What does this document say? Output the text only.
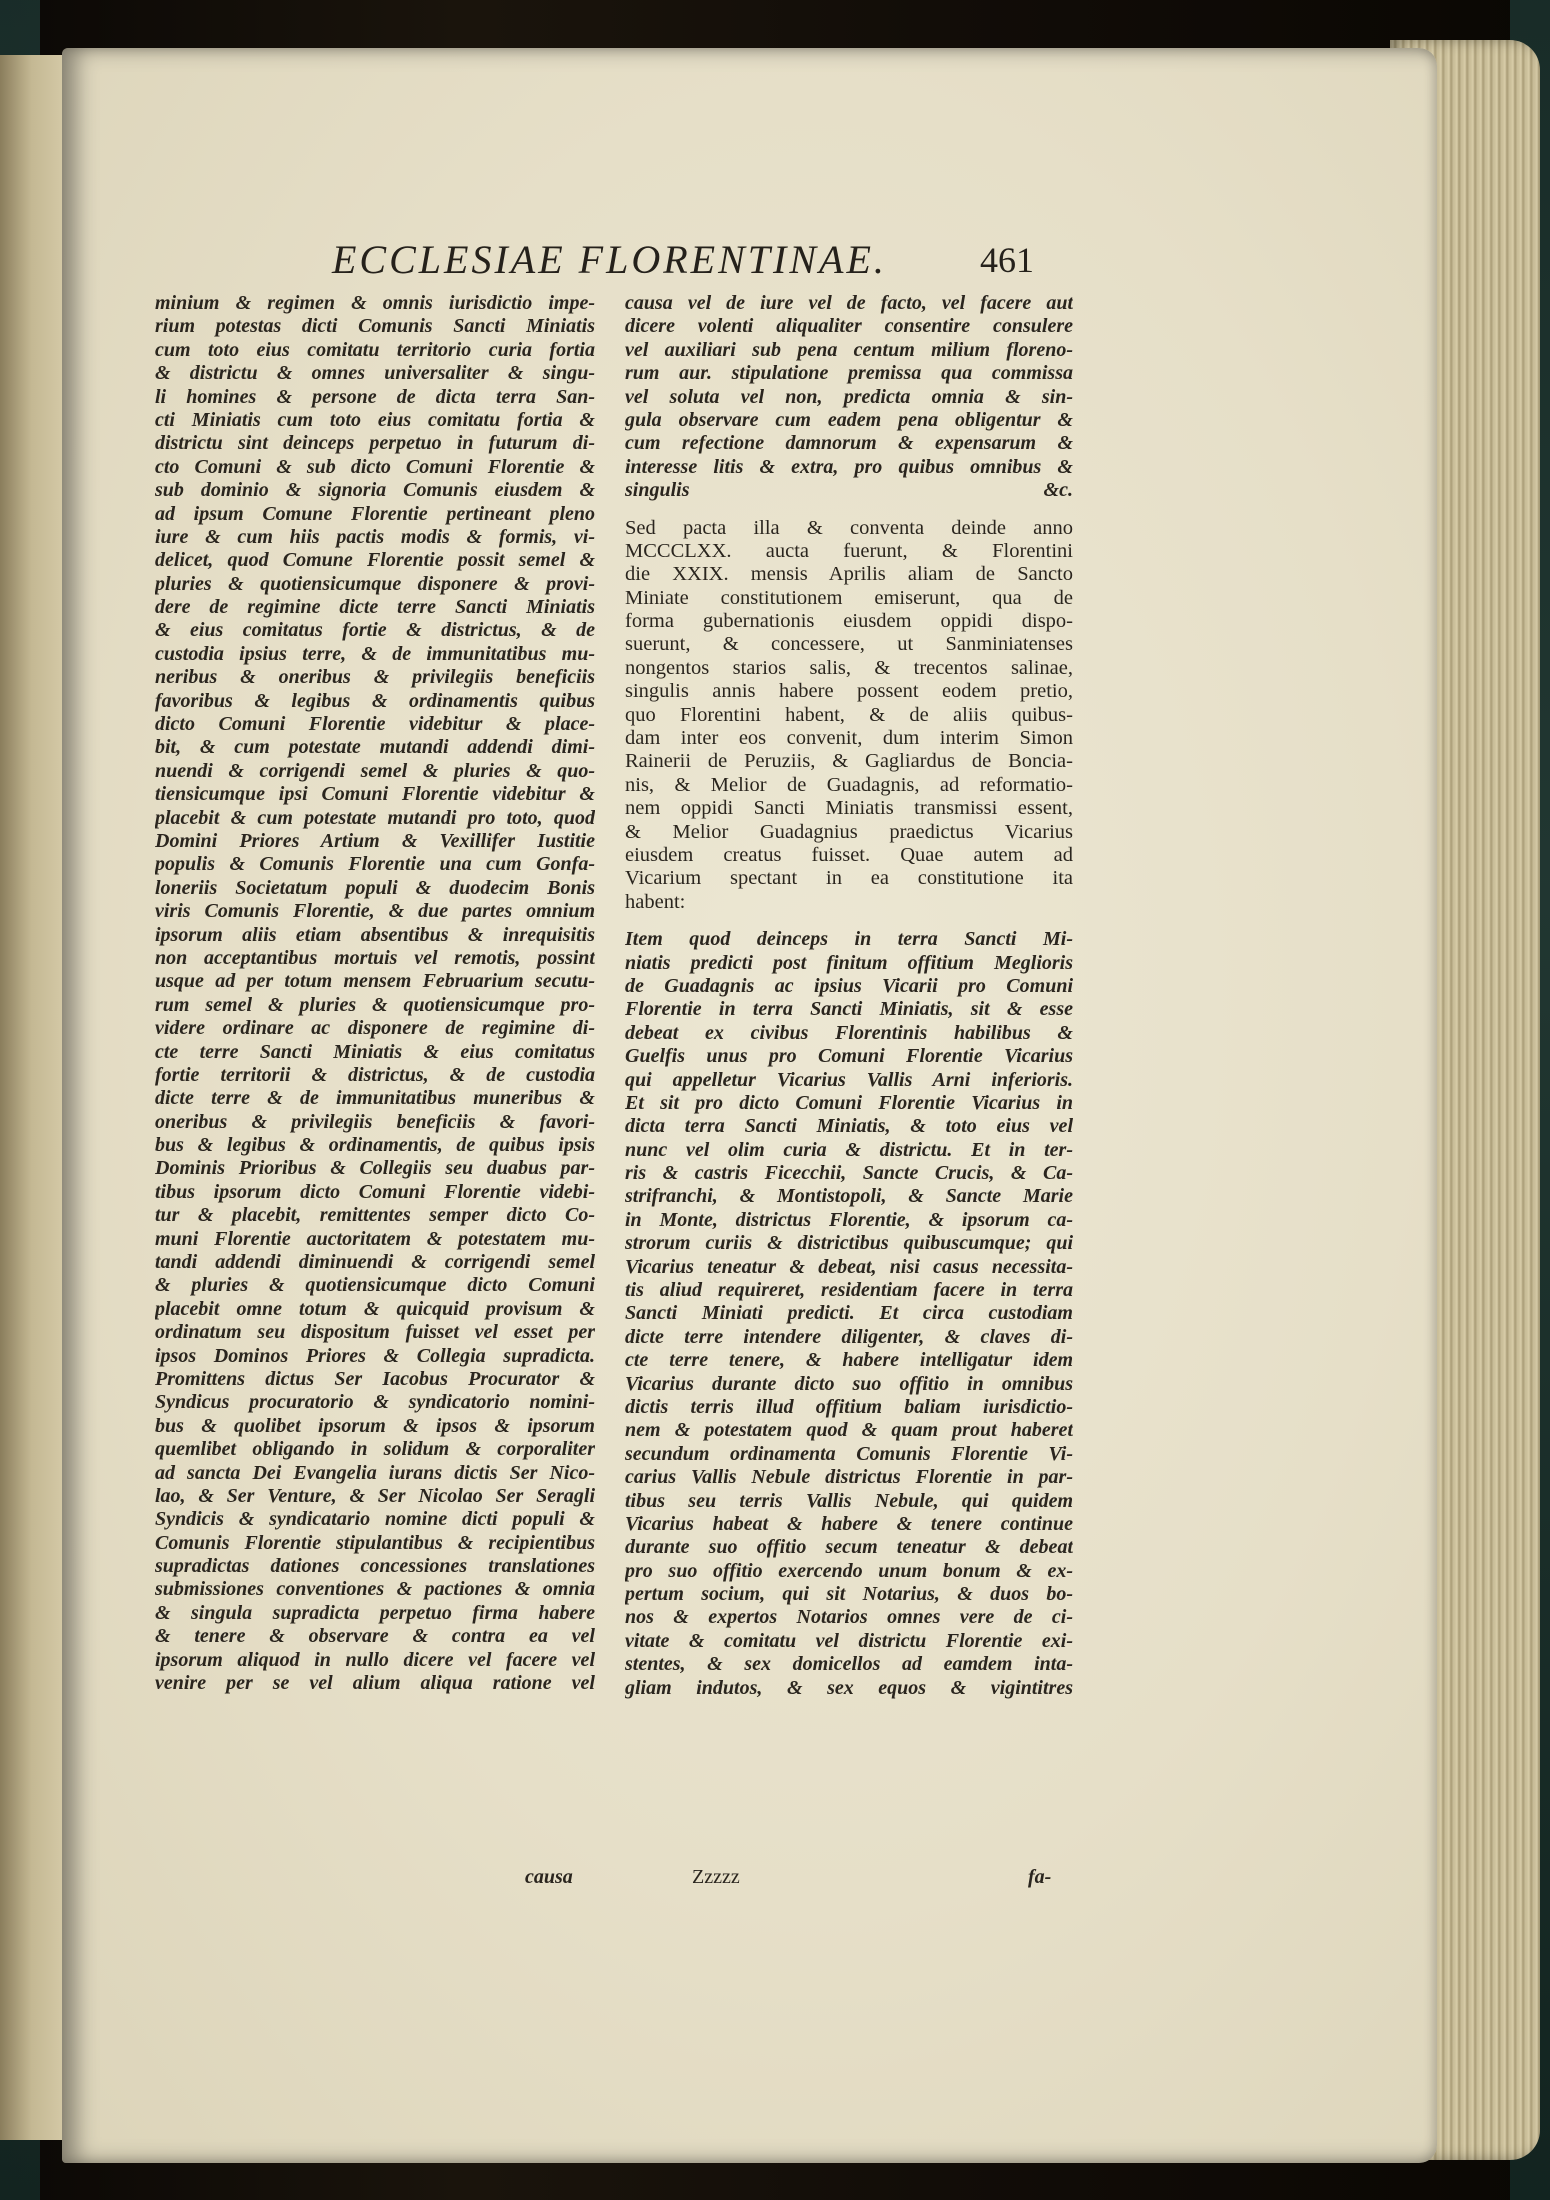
ECCLESIAE FLORENTINAE.	461
minium & regimen & omnis iurisdictio impe-
rium potestas dicti Comunis Sancti Miniatis
cum toto eius comitatu territorio curia fortia
& districtu & omnes universaliter & singu-
li homines & persone de dicta terra San-
cti Miniatis cum toto eius comitatu fortia &
districtu sint deinceps perpetuo in futurum di-
cto Comuni & sub dicto Comuni Florentie &
sub dominio & signoria Comunis eiusdem &
ad ipsum Comune Florentie pertineant pleno
iure & cum hiis pactis modis & formis, vi-
delicet, quod Comune Florentie possit semel &
pluries & quotiensicumque disponere & provi-
dere de regimine dicte terre Sancti Miniatis
& eius comitatus fortie & districtus, & de
custodia ipsius terre, & de immunitatibus mu-
neribus & oneribus & privilegiis beneficiis
favoribus & legibus & ordinamentis quibus
dicto Comuni Florentie videbitur & place-
bit, & cum potestate mutandi addendi dimi-
nuendi & corrigendi semel & pluries & quo-
tiensicumque ipsi Comuni Florentie videbitur &
placebit & cum potestate mutandi pro toto, quod
Domini Priores Artium & Vexillifer Iustitie
populis & Comunis Florentie una cum Gonfa-
loneriis Societatum populi & duodecim Bonis
viris Comunis Florentie, & due partes omnium
ipsorum aliis etiam absentibus & inrequisitis
non acceptantibus mortuis vel remotis, possint
usque ad per totum mensem Februarium secutu-
rum semel & pluries & quotiensicumque pro-
videre ordinare ac disponere de regimine di-
cte terre Sancti Miniatis & eius comitatus
fortie territorii & districtus, & de custodia
dicte terre & de immunitatibus muneribus &
oneribus & privilegiis beneficiis & favori-
bus & legibus & ordinamentis, de quibus ipsis
Dominis Prioribus & Collegiis seu duabus par-
tibus ipsorum dicto Comuni Florentie videbi-
tur & placebit, remittentes semper dicto Co-
muni Florentie auctoritatem & potestatem mu-
tandi addendi diminuendi & corrigendi semel
& pluries & quotiensicumque dicto Comuni
placebit omne totum & quicquid provisum &
ordinatum seu dispositum fuisset vel esset per
ipsos Dominos Priores & Collegia supradicta.
Promittens dictus Ser Iacobus Procurator &
Syndicus procuratorio & syndicatorio nomini-
bus & quolibet ipsorum & ipsos & ipsorum
quemlibet obligando in solidum & corporaliter
ad sancta Dei Evangelia iurans dictis Ser Nico-
lao, & Ser Venture, & Ser Nicolao Ser Seragli
Syndicis & syndicatario nomine dicti populi &
Comunis Florentie stipulantibus & recipientibus
supradictas dationes concessiones translationes
submissiones conventiones & pactiones & omnia
& singula supradicta perpetuo firma habere
& tenere & observare & contra ea vel
ipsorum aliquod in nullo dicere vel facere vel
venire per se vel alium aliqua ratione vel
causa
causa vel de iure vel de facto, vel facere aut
dicere volenti aliqualiter consentire consulere
vel auxiliari sub pena centum milium floreno-
rum aur. stipulatione premissa qua commissa
vel soluta vel non, predicta omnia & sin-
gula observare cum eadem pena obligentur &
cum refectione damnorum & expensarum &
interesse litis & extra, pro quibus omnibus &
singulis &c.
Sed pacta illa & conventa deinde anno
MCCCLXX. aucta fuerunt, & Florentini
die XXIX. mensis Aprilis aliam de Sancto
Miniate constitutionem emiserunt, qua de
forma gubernationis eiusdem oppidi dispo-
suerunt, & concessere, ut Sanminiatenses
nongentos starios salis, & trecentos salinae,
singulis annis habere possent eodem pretio,
quo Florentini habent, & de aliis quibus-
dam inter eos convenit, dum interim Simon
Rainerii de Peruziis, & Gagliardus de Boncia-
nis, & Melior de Guadagnis, ad reformatio-
nem oppidi Sancti Miniatis transmissi essent,
& Melior Guadagnius praedictus Vicarius
eiusdem creatus fuisset. Quae autem ad
Vicarium spectant in ea constitutione ita
habent:
Item quod deinceps in terra Sancti Mi-
niatis predicti post finitum offitium Meglioris
de Guadagnis ac ipsius Vicarii pro Comuni
Florentie in terra Sancti Miniatis, sit & esse
debeat ex civibus Florentinis habilibus &
Guelfis unus pro Comuni Florentie Vicarius
qui appelletur Vicarius Vallis Arni inferioris.
Et sit pro dicto Comuni Florentie Vicarius in
dicta terra Sancti Miniatis, & toto eius vel
nunc vel olim curia & districtu. Et in ter-
ris & castris Ficecchii, Sancte Crucis, & Ca-
strifranchi, & Montistopoli, & Sancte Marie
in Monte, districtus Florentie, & ipsorum ca-
strorum curiis & districtibus quibuscumque; qui
Vicarius teneatur & debeat, nisi casus necessita-
tis aliud requireret, residentiam facere in terra
Sancti Miniati predicti. Et circa custodiam
dicte terre intendere diligenter, & claves di-
cte terre tenere, & habere intelligatur idem
Vicarius durante dicto suo offitio in omnibus
dictis terris illud offitium baliam iurisdictio-
nem & potestatem quod & quam prout haberet
secundum ordinamenta Comunis Florentie Vi-
carius Vallis Nebule districtus Florentie in par-
tibus seu terris Vallis Nebule, qui quidem
Vicarius habeat & habere & tenere continue
durante suo offitio secum teneatur & debeat
pro suo offitio exercendo unum bonum & ex-
pertum socium, qui sit Notarius, & duos bo-
nos & expertos Notarios omnes vere de ci-
vitate & comitatu vel districtu Florentie exi-
stentes, & sex domicellos ad eamdem inta-
gliam indutos, & sex equos & vigintitres
Zzzzz	fa-
